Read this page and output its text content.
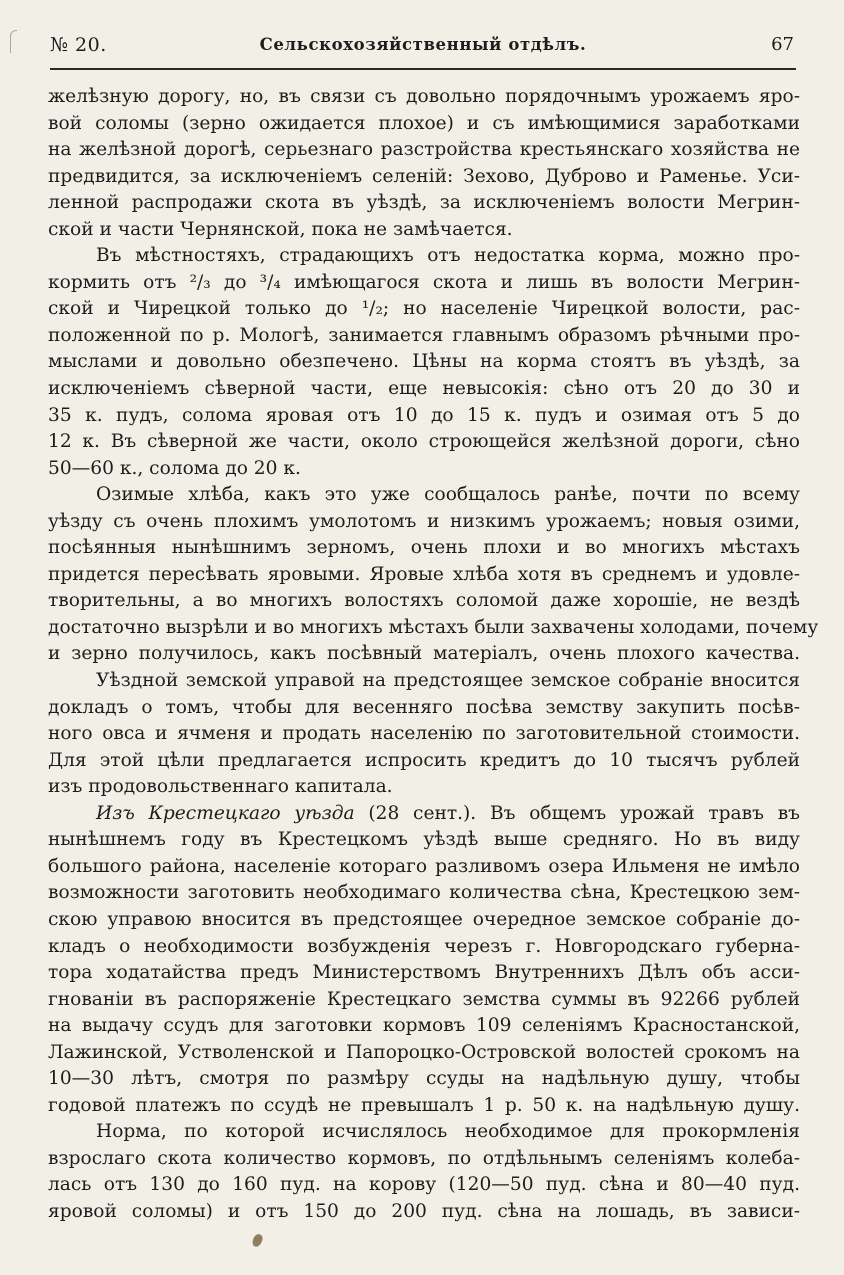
№ 20.	Сельскохозяйственный отдѣлъ.	67
желѣзную дорогу, но, въ связи съ довольно порядочнымъ урожаемъ яро-
вой соломы (зерно ожидается плохое) и съ имѣющимися заработками
на желѣзной дорогѣ, серьезнаго разстройства крестьянскаго хозяйства не
предвидится, за исключеніемъ селеній: Зехово, Дуброво и Раменье. Уси-
ленной распродажи скота въ уѣздѣ, за исключеніемъ волости Мегрин-
ской и части Чернянской, пока не замѣчается.
Въ мѣстностяхъ, страдающихъ отъ недостатка корма, можно про-
кормить отъ ²/₃ до ³/₄ имѣющагося скота и лишь въ волости Мегрин-
ской и Чирецкой только до ¹/₂; но населеніе Чирецкой волости, рас-
положенной по р. Мологѣ, занимается главнымъ образомъ рѣчными про-
мыслами и довольно обезпечено. Цѣны на корма стоятъ въ уѣздѣ, за
исключеніемъ сѣверной части, еще невысокія: сѣно отъ 20 до 30 и
35 к. пудъ, солома яровая отъ 10 до 15 к. пудъ и озимая отъ 5 до
12 к. Въ сѣверной же части, около строющейся желѣзной дороги, сѣно
50—60 к., солома до 20 к.
Озимые хлѣба, какъ это уже сообщалось ранѣе, почти по всему
уѣзду съ очень плохимъ умолотомъ и низкимъ урожаемъ; новыя озими,
посѣянныя нынѣшнимъ зерномъ, очень плохи и во многихъ мѣстахъ
придется пересѣвать яровыми. Яровые хлѣба хотя въ среднемъ и удовле-
творительны, а во многихъ волостяхъ соломой даже хорошіе, не вездѣ
достаточно вызрѣли и во многихъ мѣстахъ были захвачены холодами, почему
и зерно получилось, какъ посѣвный матеріалъ, очень плохого качества.
Уѣздной земской управой на предстоящее земское собраніе вносится
докладъ о томъ, чтобы для весенняго посѣва земству закупить посѣв-
ного овса и ячменя и продать населенію по заготовительной стоимости.
Для этой цѣли предлагается испросить кредитъ до 10 тысячъ рублей
изъ продовольственнаго капитала.
Изъ Крестецкаго уѣзда (28 сент.). Въ общемъ урожай травъ въ
нынѣшнемъ году въ Крестецкомъ уѣздѣ выше средняго. Но въ виду
большого района, населеніе котораго разливомъ озера Ильменя не имѣло
возможности заготовить необходимаго количества сѣна, Крестецкою зем-
скою управою вносится въ предстоящее очередное земское собраніе до-
кладъ о необходимости возбужденія черезъ г. Новгородскаго губерна-
тора ходатайства предъ Министерствомъ Внутреннихъ Дѣлъ объ асси-
гнованіи въ распоряженіе Крестецкаго земства суммы въ 92266 рублей
на выдачу ссудъ для заготовки кормовъ 109 селеніямъ Красностанской,
Лажинской, Устволенской и Папороцко-Островской волостей срокомъ на
10—30 лѣтъ, смотря по размѣру ссуды на надѣльную душу, чтобы
годовой платежъ по ссудѣ не превышалъ 1 р. 50 к. на надѣльную душу.
Норма, по которой исчислялось необходимое для прокормленія
взрослаго скота количество кормовъ, по отдѣльнымъ селеніямъ колеба-
лась отъ 130 до 160 пуд. на корову (120—50 пуд. сѣна и 80—40 пуд.
яровой соломы) и отъ 150 до 200 пуд. сѣна на лошадь, въ зависи-
